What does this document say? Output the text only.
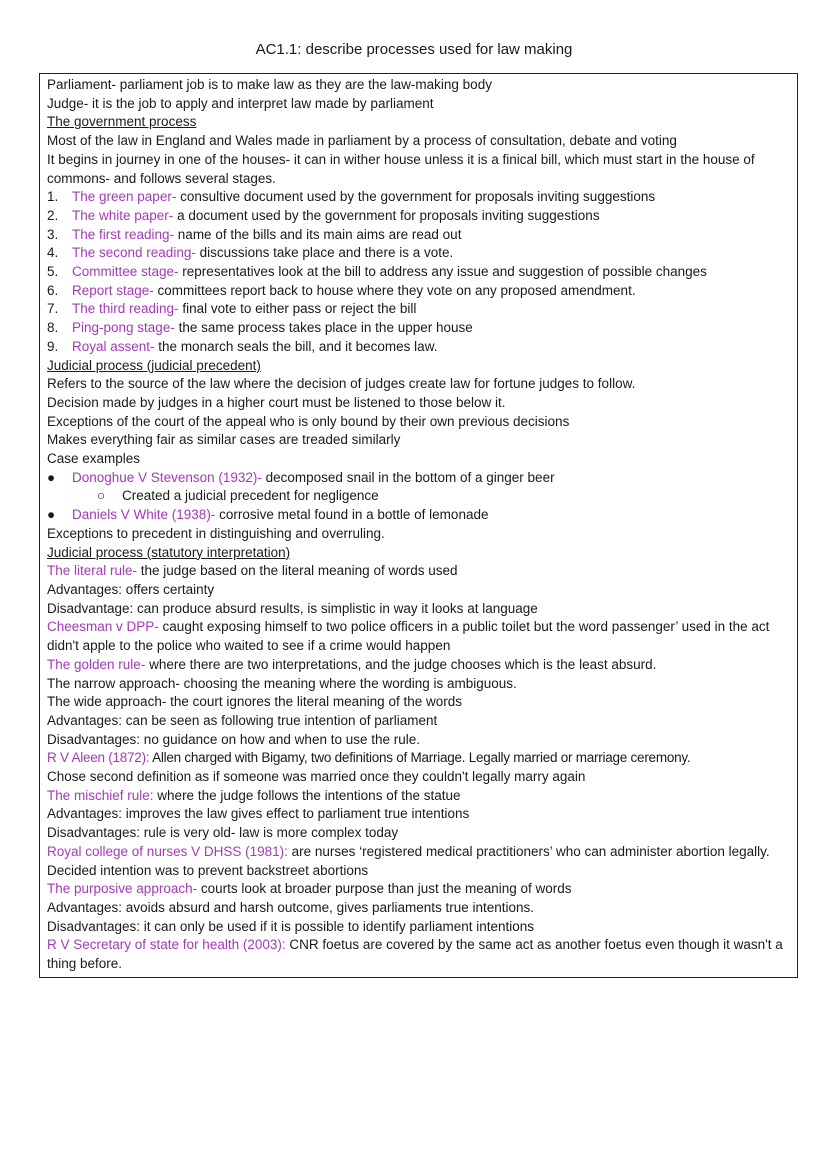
AC1.1: describe processes used for law making
Parliament- parliament job is to make law as they are the law-making body
Judge- it is the job to apply and interpret law made by parliament
The government process
Most of the law in England and Wales made in parliament by a process of consultation, debate and voting
It begins in journey in one of the houses- it can in wither house unless it is a finical bill, which must start in the house of commons- and follows several stages.
1. The green paper- consultive document used by the government for proposals inviting suggestions
2. The white paper- a document used by the government for proposals inviting suggestions
3. The first reading- name of the bills and its main aims are read out
4. The second reading- discussions take place and there is a vote.
5. Committee stage- representatives look at the bill to address any issue and suggestion of possible changes
6. Report stage- committees report back to house where they vote on any proposed amendment.
7. The third reading- final vote to either pass or reject the bill
8. Ping-pong stage- the same process takes place in the upper house
9. Royal assent- the monarch seals the bill, and it becomes law.
Judicial process (judicial precedent)
Refers to the source of the law where the decision of judges create law for fortune judges to follow.
Decision made by judges in a higher court must be listened to those below it.
Exceptions of the court of the appeal who is only bound by their own previous decisions
Makes everything fair as similar cases are treaded similarly
Case examples
● Donoghue V Stevenson (1932)- decomposed snail in the bottom of a ginger beer
○ Created a judicial precedent for negligence
● Daniels V White (1938)- corrosive metal found in a bottle of lemonade
Exceptions to precedent in distinguishing and overruling.
Judicial process (statutory interpretation)
The literal rule- the judge based on the literal meaning of words used
Advantages: offers certainty
Disadvantage: can produce absurd results, is simplistic in way it looks at language
Cheesman v DPP- caught exposing himself to two police officers in a public toilet but the word passenger’ used in the act didn't apple to the police who waited to see if a crime would happen
The golden rule- where there are two interpretations, and the judge chooses which is the least absurd.
The narrow approach- choosing the meaning where the wording is ambiguous.
The wide approach- the court ignores the literal meaning of the words
Advantages: can be seen as following true intention of parliament
Disadvantages: no guidance on how and when to use the rule.
R V Aleen (1872): Allen charged with Bigamy, two definitions of Marriage. Legally married or marriage ceremony.
Chose second definition as if someone was married once they couldn't legally marry again
The mischief rule: where the judge follows the intentions of the statue
Advantages: improves the law gives effect to parliament true intentions
Disadvantages: rule is very old- law is more complex today
Royal college of nurses V DHSS (1981): are nurses ‘registered medical practitioners’ who can administer abortion legally. Decided intention was to prevent backstreet abortions
The purposive approach- courts look at broader purpose than just the meaning of words
Advantages: avoids absurd and harsh outcome, gives parliaments true intentions.
Disadvantages: it can only be used if it is possible to identify parliament intentions
R V Secretary of state for health (2003): CNR foetus are covered by the same act as another foetus even though it wasn't a thing before.
